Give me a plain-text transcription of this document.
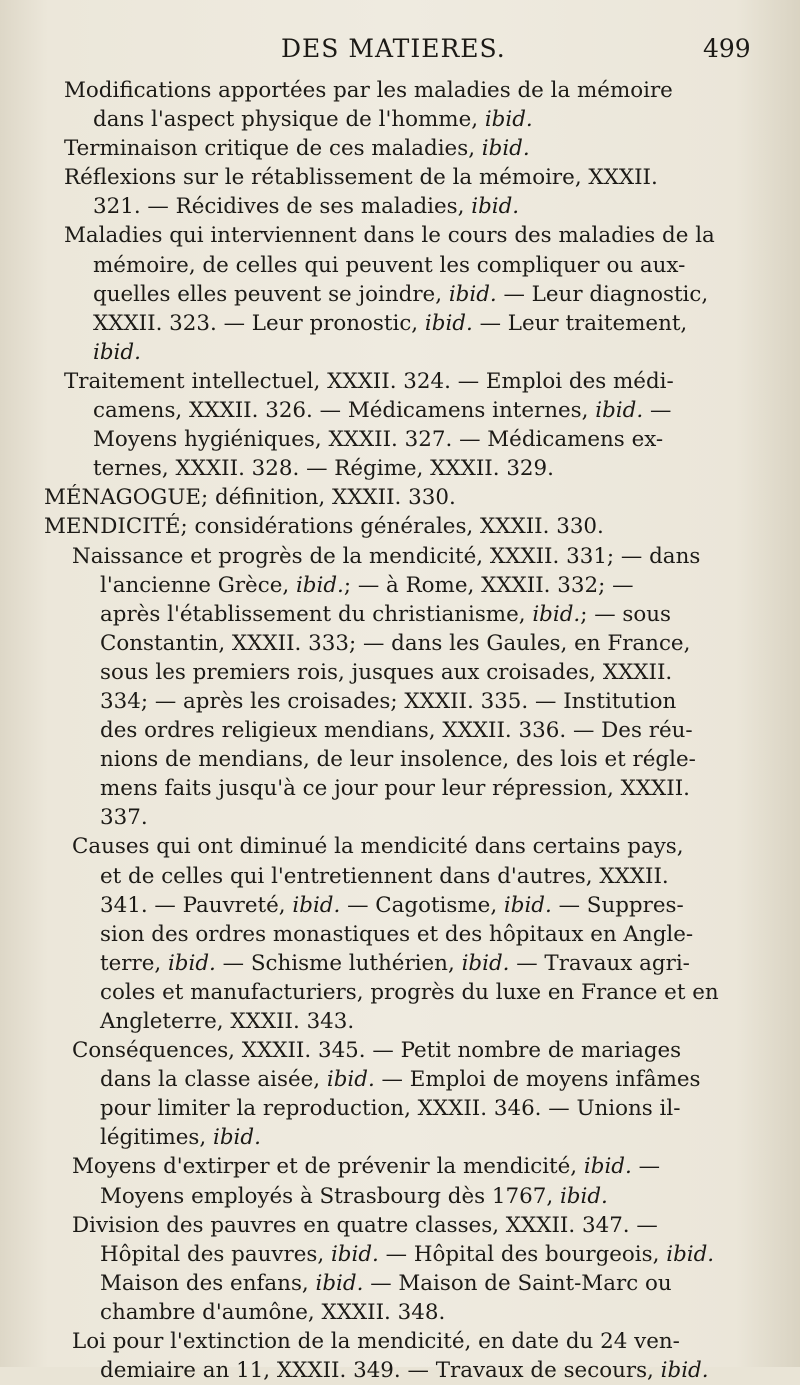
DES MATIERES.	499
Modifications apportées par les maladies de la mémoire
dans l'aspect physique de l'homme, ibid.
Terminaison critique de ces maladies, ibid.
Réflexions sur le rétablissement de la mémoire, XXXII.
321. — Récidives de ses maladies, ibid.
Maladies qui interviennent dans le cours des maladies de la
mémoire, de celles qui peuvent les compliquer ou aux-
quelles elles peuvent se joindre, ibid. — Leur diagnostic,
XXXII. 323. — Leur pronostic, ibid. — Leur traitement,
ibid.
Traitement intellectuel, XXXII. 324. — Emploi des médi-
camens, XXXII. 326. — Médicamens internes, ibid. —
Moyens hygiéniques, XXXII. 327. — Médicamens ex-
ternes, XXXII. 328. — Régime, XXXII. 329.
MÉNAGOGUE; définition, XXXII. 330.
MENDICITÉ; considérations générales, XXXII. 330.
Naissance et progrès de la mendicité, XXXII. 331; — dans
l'ancienne Grèce, ibid.; — à Rome, XXXII. 332; —
après l'établissement du christianisme, ibid.; — sous
Constantin, XXXII. 333; — dans les Gaules, en France,
sous les premiers rois, jusques aux croisades, XXXII.
334; — après les croisades; XXXII. 335. — Institution
des ordres religieux mendians, XXXII. 336. — Des réu-
nions de mendians, de leur insolence, des lois et régle-
mens faits jusqu'à ce jour pour leur répression, XXXII.
337.
Causes qui ont diminué la mendicité dans certains pays,
et de celles qui l'entretiennent dans d'autres, XXXII.
341. — Pauvreté, ibid. — Cagotisme, ibid. — Suppres-
sion des ordres monastiques et des hôpitaux en Angle-
terre, ibid. — Schisme luthérien, ibid. — Travaux agri-
coles et manufacturiers, progrès du luxe en France et en
Angleterre, XXXII. 343.
Conséquences, XXXII. 345. — Petit nombre de mariages
dans la classe aisée, ibid. — Emploi de moyens infâmes
pour limiter la reproduction, XXXII. 346. — Unions il-
légitimes, ibid.
Moyens d'extirper et de prévenir la mendicité, ibid. —
Moyens employés à Strasbourg dès 1767, ibid.
Division des pauvres en quatre classes, XXXII. 347. —
Hôpital des pauvres, ibid. — Hôpital des bourgeois, ibid.
Maison des enfans, ibid. — Maison de Saint-Marc ou
chambre d'aumône, XXXII. 348.
Loi pour l'extinction de la mendicité, en date du 24 ven-
demiaire an 11, XXXII. 349. — Travaux de secours, ibid.
